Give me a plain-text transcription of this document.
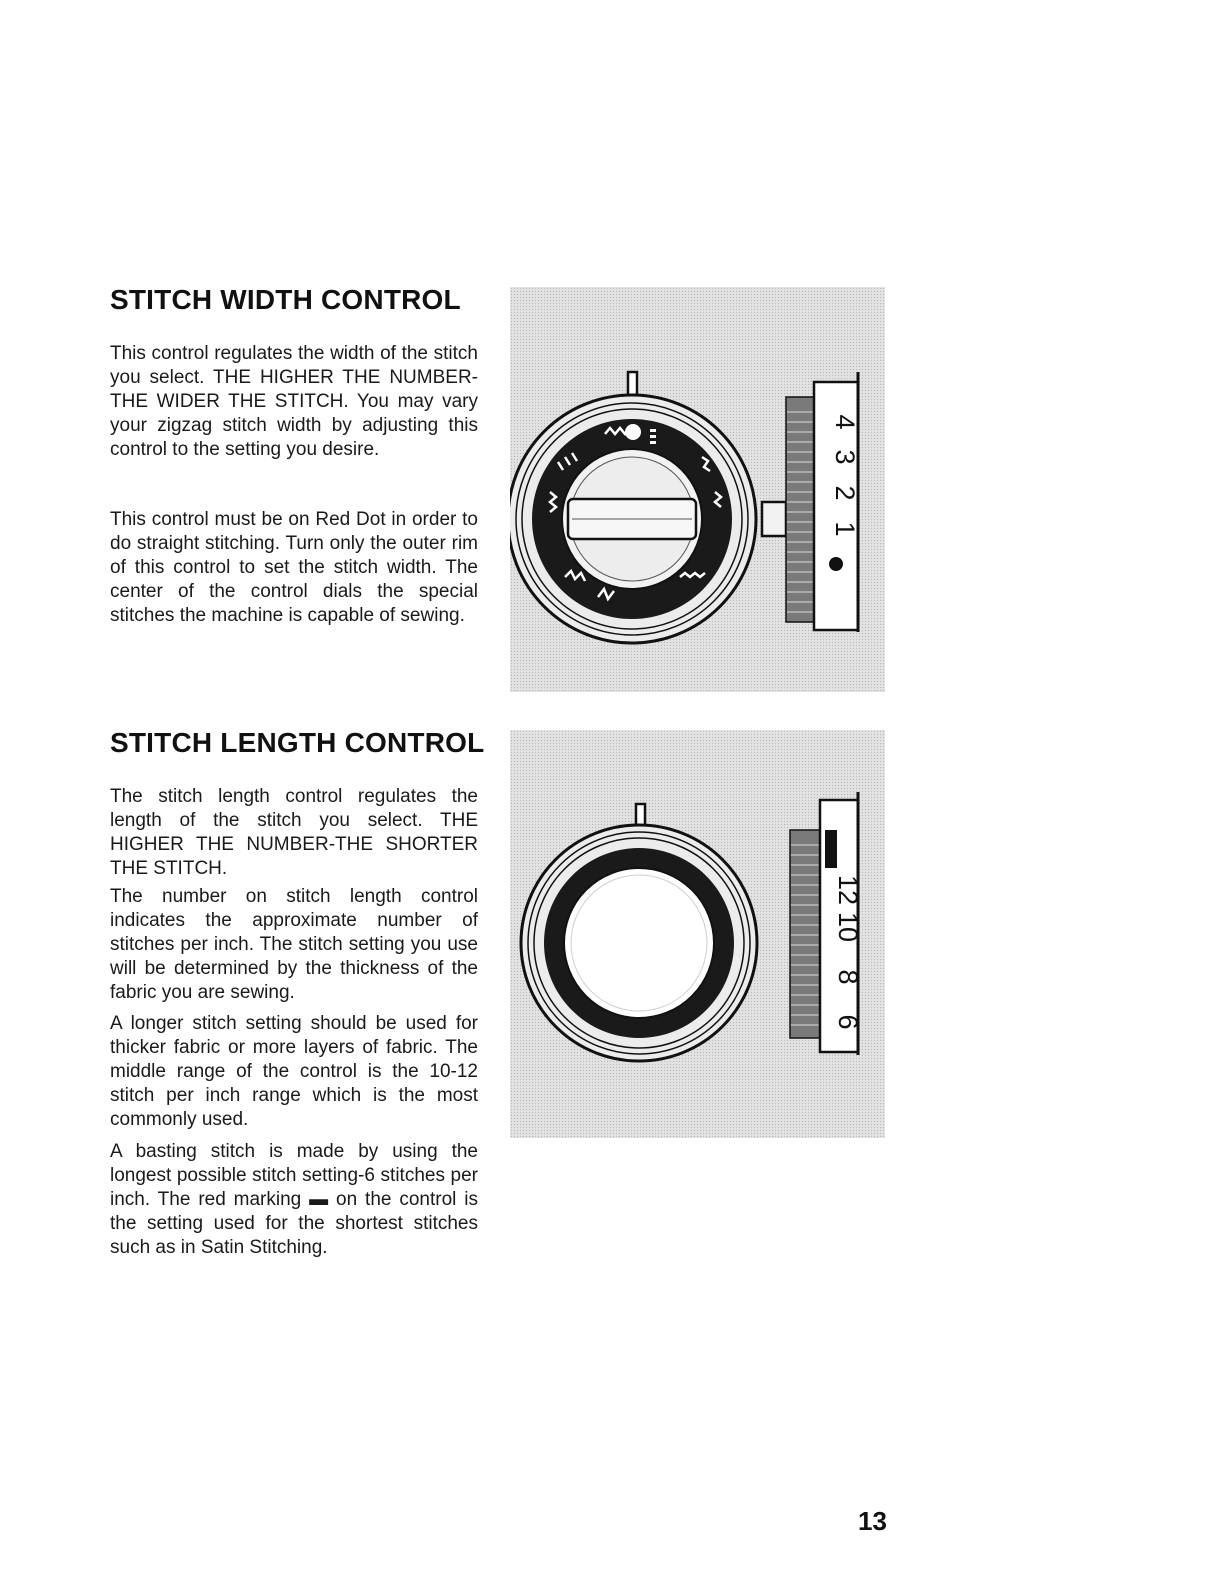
STITCH WIDTH CONTROL

This control regulates the width of the stitch you select. THE HIGHER THE NUMBER-THE WIDER THE STITCH. You may vary your zigzag stitch width by adjusting this control to the setting you desire.

This control must be on Red Dot in order to do straight stitching. Turn only the outer rim of this control to set the stitch width. The center of the control dials the special stitches the machine is capable of sewing.

4
3
2
1
STITCH LENGTH CONTROL

The stitch length control regulates the length of the stitch you select. THE HIGHER THE NUMBER-THE SHORTER THE STITCH.

The number on stitch length control indicates the approximate number of stitches per inch. The stitch setting you use will be determined by the thickness of the fabric you are sewing.

A longer stitch setting should be used for thicker fabric or more layers of fabric. The middle range of the control is the 10-12 stitch per inch range which is the most commonly used.

A basting stitch is made by using the longest possible stitch setting-6 stitches per inch. The red marking ▬ on the control is the setting used for the shortest stitches such as in Satin Stitching.

12
10
8
6

13
